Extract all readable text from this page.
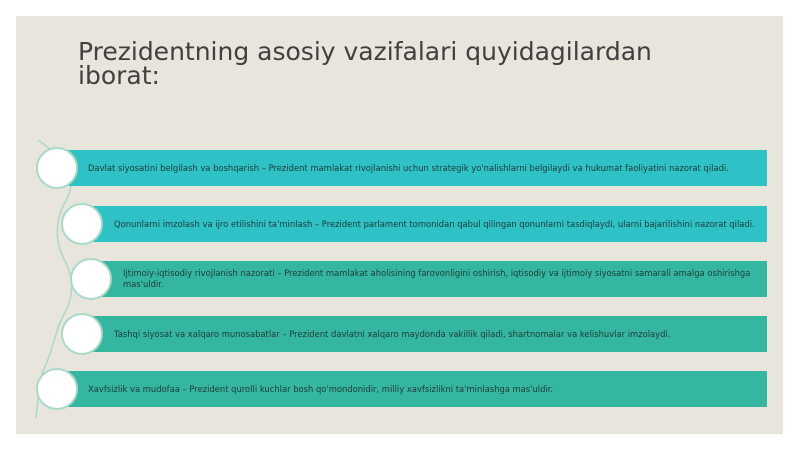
Prezidentning asosiy vazifalari quyidagilardan iborat:
Davlat siyosatini belgilash va boshqarish – Prezident mamlakat rivojlanishi uchun strategik yo'nalishlarni belgilaydi va hukumat faoliyatini nazorat qiladi.
Qonunlarni imzolash va ijro etilishini ta'minlash – Prezident parlament tomonidan qabul qilingan qonunlarni tasdiqlaydi, ularni bajarilishini nazorat qiladi.
Ijtimoiy-iqtisodiy rivojlanish nazorati – Prezident mamlakat aholisining farovonligini oshirish, iqtisodiy va ijtimoiy siyosatni samarali amalga oshirishga mas'uldir.
Tashqi siyosat va xalqaro munosabatlar – Prezident davlatni xalqaro maydonda vakillik qiladi, shartnomalar va kelishuvlar imzolaydi.
Xavfsizlik va mudofaa – Prezident qurolli kuchlar bosh qo'mondonidir, milliy xavfsizlikni ta'minlashga mas'uldir.
